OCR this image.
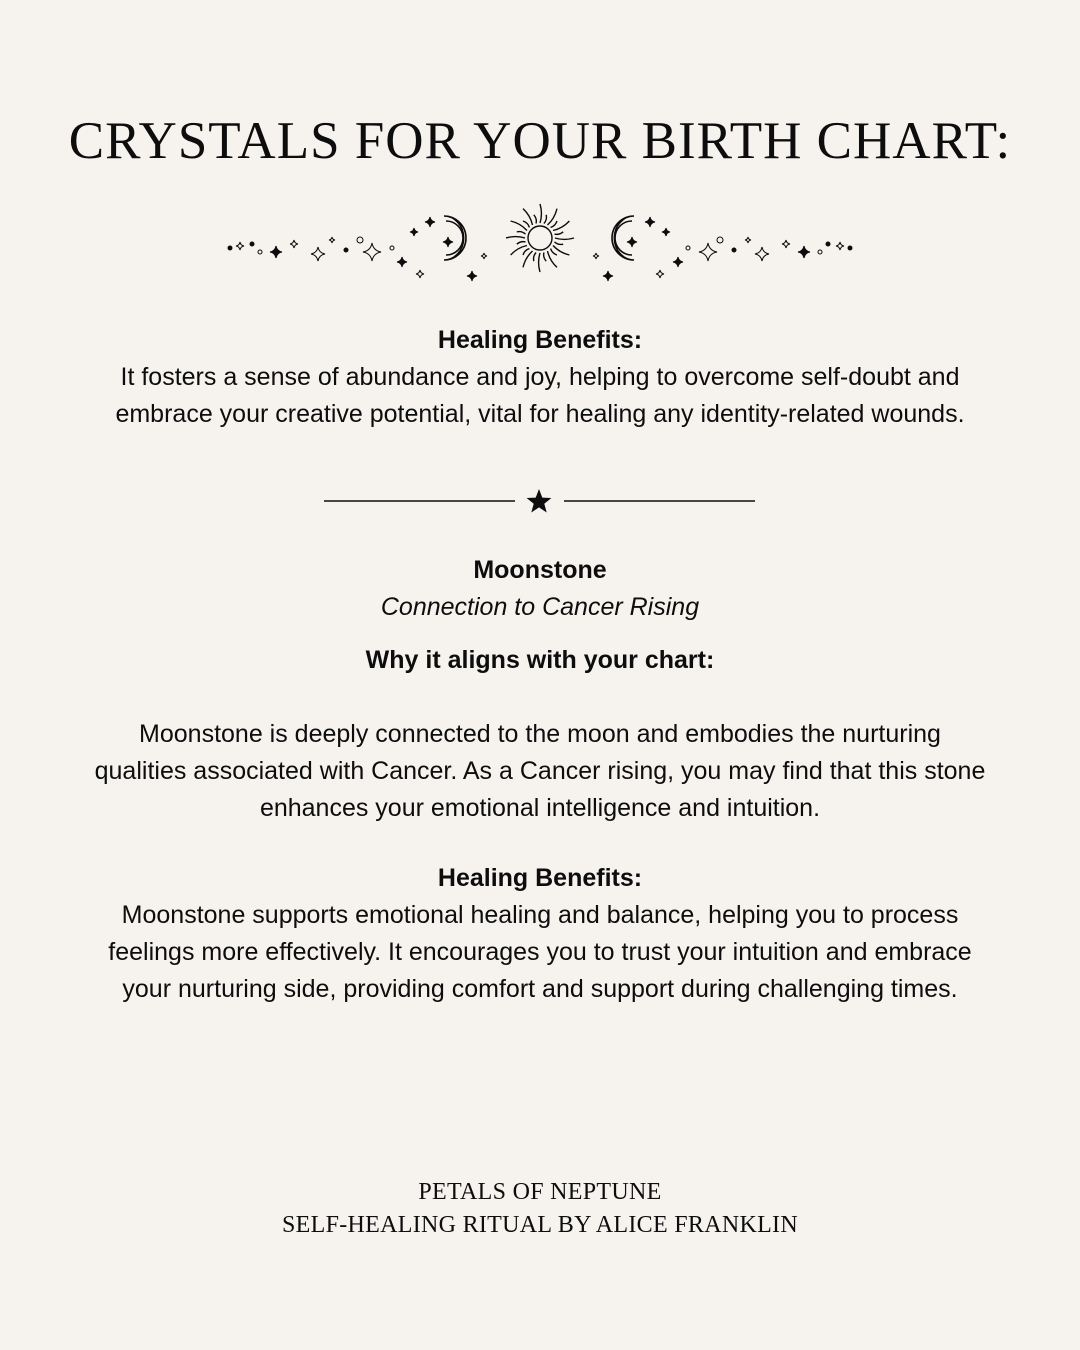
CRYSTALS FOR YOUR BIRTH CHART:

Healing Benefits:

It fosters a sense of abundance and joy, helping to overcome self-doubt and embrace your creative potential, vital for healing any identity-related wounds.

Moonstone

Connection to Cancer Rising

Why it aligns with your chart:

Moonstone is deeply connected to the moon and embodies the nurturing qualities associated with Cancer. As a Cancer rising, you may find that this stone enhances your emotional intelligence and intuition.

Healing Benefits:

Moonstone supports emotional healing and balance, helping you to process feelings more effectively. It encourages you to trust your intuition and embrace your nurturing side, providing comfort and support during challenging times.

PETALS OF NEPTUNE

SELF-HEALING RITUAL BY ALICE FRANKLIN
